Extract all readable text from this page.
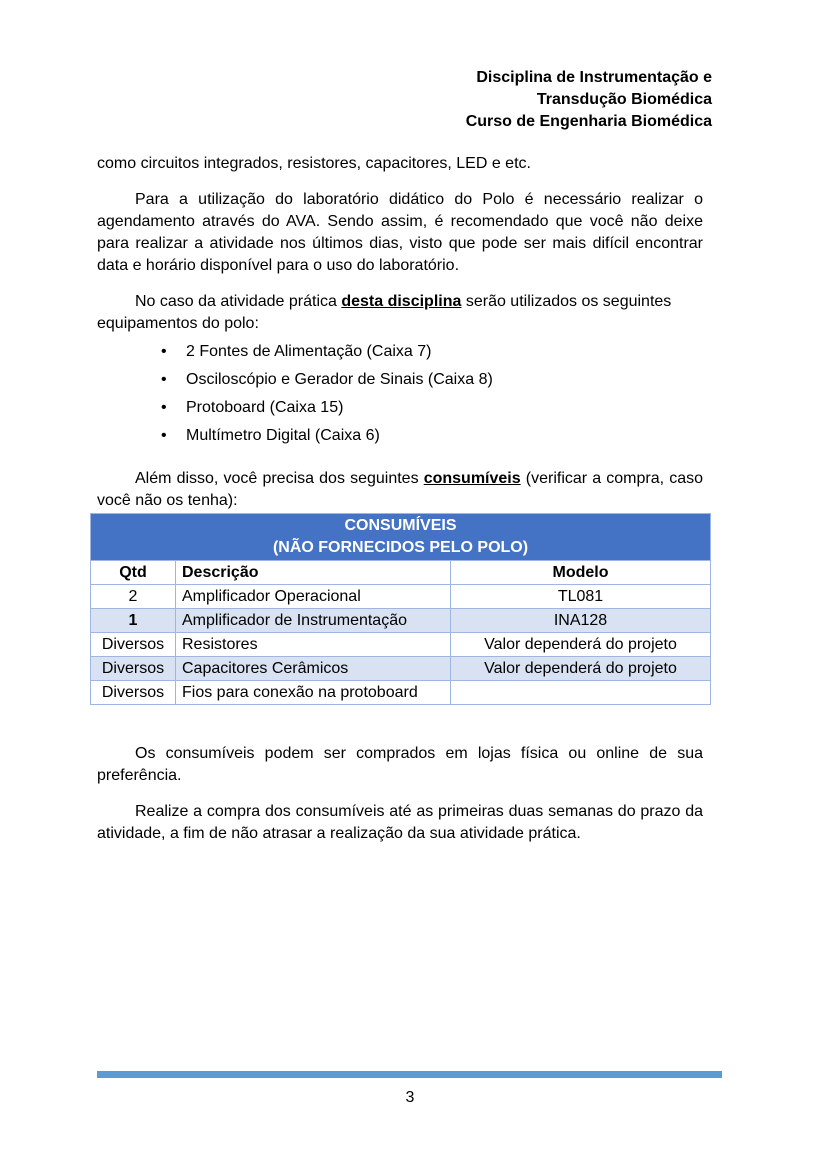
Disciplina de Instrumentação e
Transdução Biomédica
Curso de Engenharia Biomédica

como circuitos integrados, resistores, capacitores, LED e etc.

Para a utilização do laboratório didático do Polo é necessário realizar o agendamento através do AVA. Sendo assim, é recomendado que você não deixe para realizar a atividade nos últimos dias, visto que pode ser mais difícil encontrar data e horário disponível para o uso do laboratório.

No caso da atividade prática desta disciplina serão utilizados os seguintes equipamentos do polo:

• 2 Fontes de Alimentação (Caixa 7)
• Osciloscópio e Gerador de Sinais (Caixa 8)
• Protoboard (Caixa 15)
• Multímetro Digital (Caixa 6)

Além disso, você precisa dos seguintes consumíveis (verificar a compra, caso você não os tenha):

CONSUMÍVEIS
(NÃO FORNECIDOS PELO POLO)		

Qtd	Descrição	Modelo
2	Amplificador Operacional	TL081
1	Amplificador de Instrumentação	INA128
Diversos	Resistores	Valor dependerá do projeto
Diversos	Capacitores Cerâmicos	Valor dependerá do projeto
Diversos	Fios para conexão na protoboard	

Os consumíveis podem ser comprados em lojas física ou online de sua preferência.

Realize a compra dos consumíveis até as primeiras duas semanas do prazo da atividade, a fim de não atrasar a realização da sua atividade prática.

3
